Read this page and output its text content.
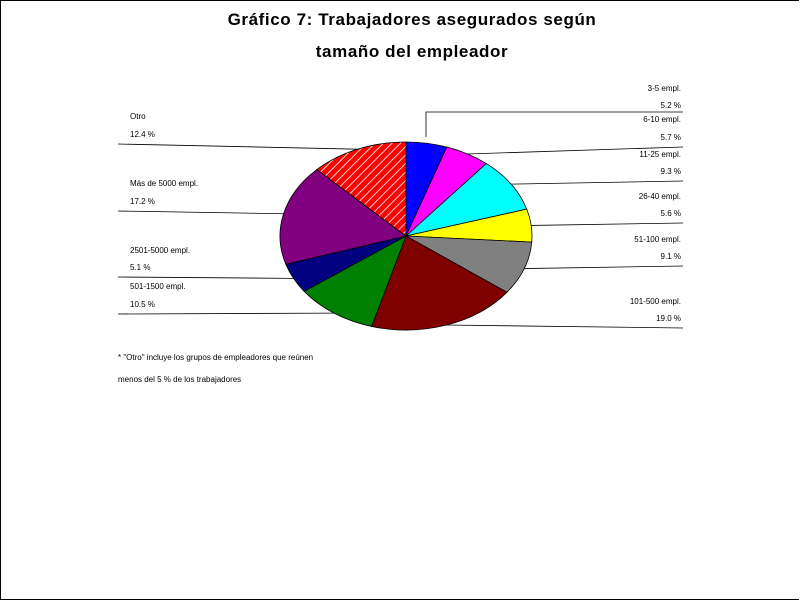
Gráfico 7: Trabajadores asegurados según
tamaño del empleador
3-5 empl.
5.2 %
6-10 empl.
5.7 %
11-25 empl.
9.3 %
26-40 empl.
5.6 %
51-100 empl.
9.1 %
101-500 empl.
19.0 %
501-1500 empl.
10.5 %
2501-5000 empl.
5.1 %
Más de 5000 empl.
17.2 %
Otro
12.4 %
* "Otro" incluye los grupos de empleadores que reúnen
menos del 5 % de los trabajadores
